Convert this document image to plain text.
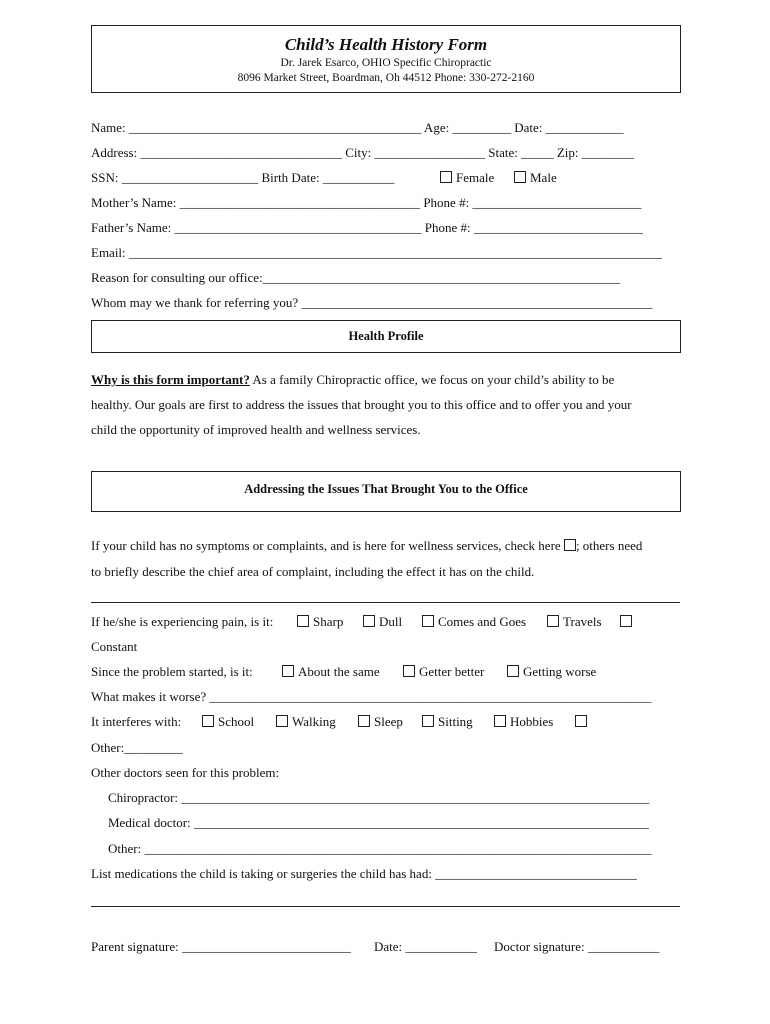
Child’s Health History Form
Dr. Jarek Esarco, OHIO Specific Chiropractic
8096 Market Street, Boardman, Oh 44512 Phone: 330-272-2160
Name: _____________________________________________ Age: _________ Date: ____________
Address: _______________________________ City: _________________ State: _____ Zip: ________
SSN: _____________________ Birth Date: ___________	Female	Male
Mother’s Name: _____________________________________ Phone #: __________________________
Father’s Name: ______________________________________ Phone #: __________________________
Email: __________________________________________________________________________________
Reason for consulting our office:_______________________________________________________
Whom may we thank for referring you? ______________________________________________________
Health Profile
Why is this form important? As a family Chiropractic office, we focus on your child’s ability to be
healthy. Our goals are first to address the issues that brought you to this office and to offer you and your
child the opportunity of improved health and wellness services.
Addressing the Issues That Brought You to the Office
If your child has no symptoms or complaints, and is here for wellness services, check here ; others need
to briefly describe the chief area of complaint, including the effect it has on the child.
If he/she is experiencing pain, is it:	Sharp	Dull	Comes and Goes	Travels
Constant
Since the problem started, is it:	About the same	Getter better	Getting worse
What makes it worse? ____________________________________________________________________
It interferes with:	School	Walking	Sleep	Sitting	Hobbies
Other:_________
Other doctors seen for this problem:
Chiropractor: ________________________________________________________________________
Medical doctor: ______________________________________________________________________
Other: ______________________________________________________________________________
List medications the child is taking or surgeries the child has had: _______________________________
Parent signature: __________________________ Date: ___________ Doctor signature: ___________
